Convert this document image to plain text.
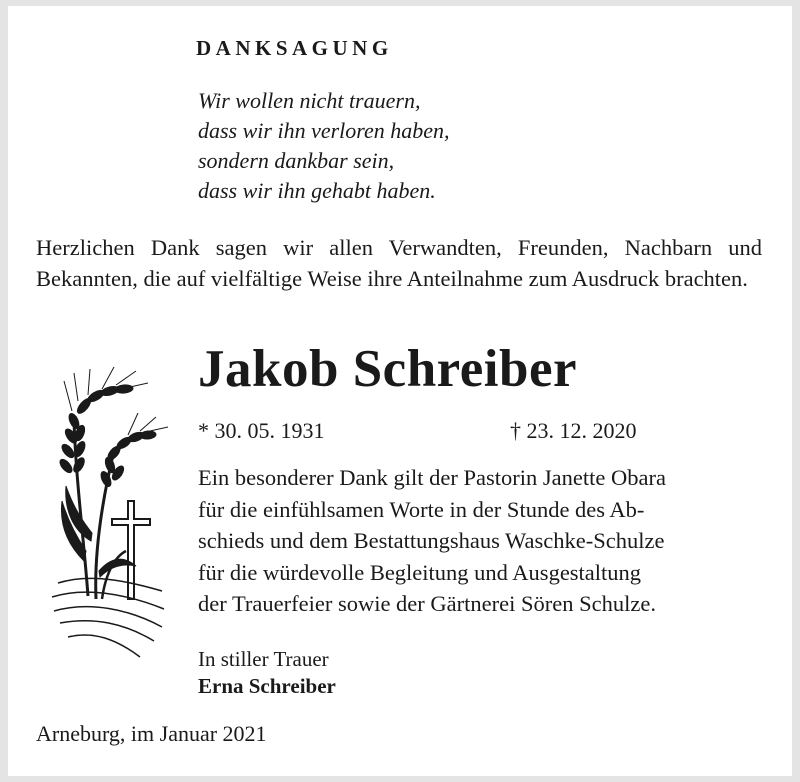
DANKSAGUNG

Wir wollen nicht trauern,
dass wir ihn verloren haben,
sondern dankbar sein,
dass wir ihn gehabt haben.

Herzlichen Dank sagen wir allen Verwandten, Freunden, Nachbarn und Bekannten, die auf vielfältige Weise ihre Anteilnahme zum Ausdruck brachten.

Jakob Schreiber

* 30. 05. 1931	† 23. 12. 2020

Ein besonderer Dank gilt der Pastorin Janette Obara
für die einfühlsamen Worte in der Stunde des Ab-
schieds und dem Bestattungshaus Waschke-Schulze
für die würdevolle Begleitung und Ausgestaltung
der Trauerfeier sowie der Gärtnerei Sören Schulze.

In stiller Trauer

Erna Schreiber

Arneburg, im Januar 2021
